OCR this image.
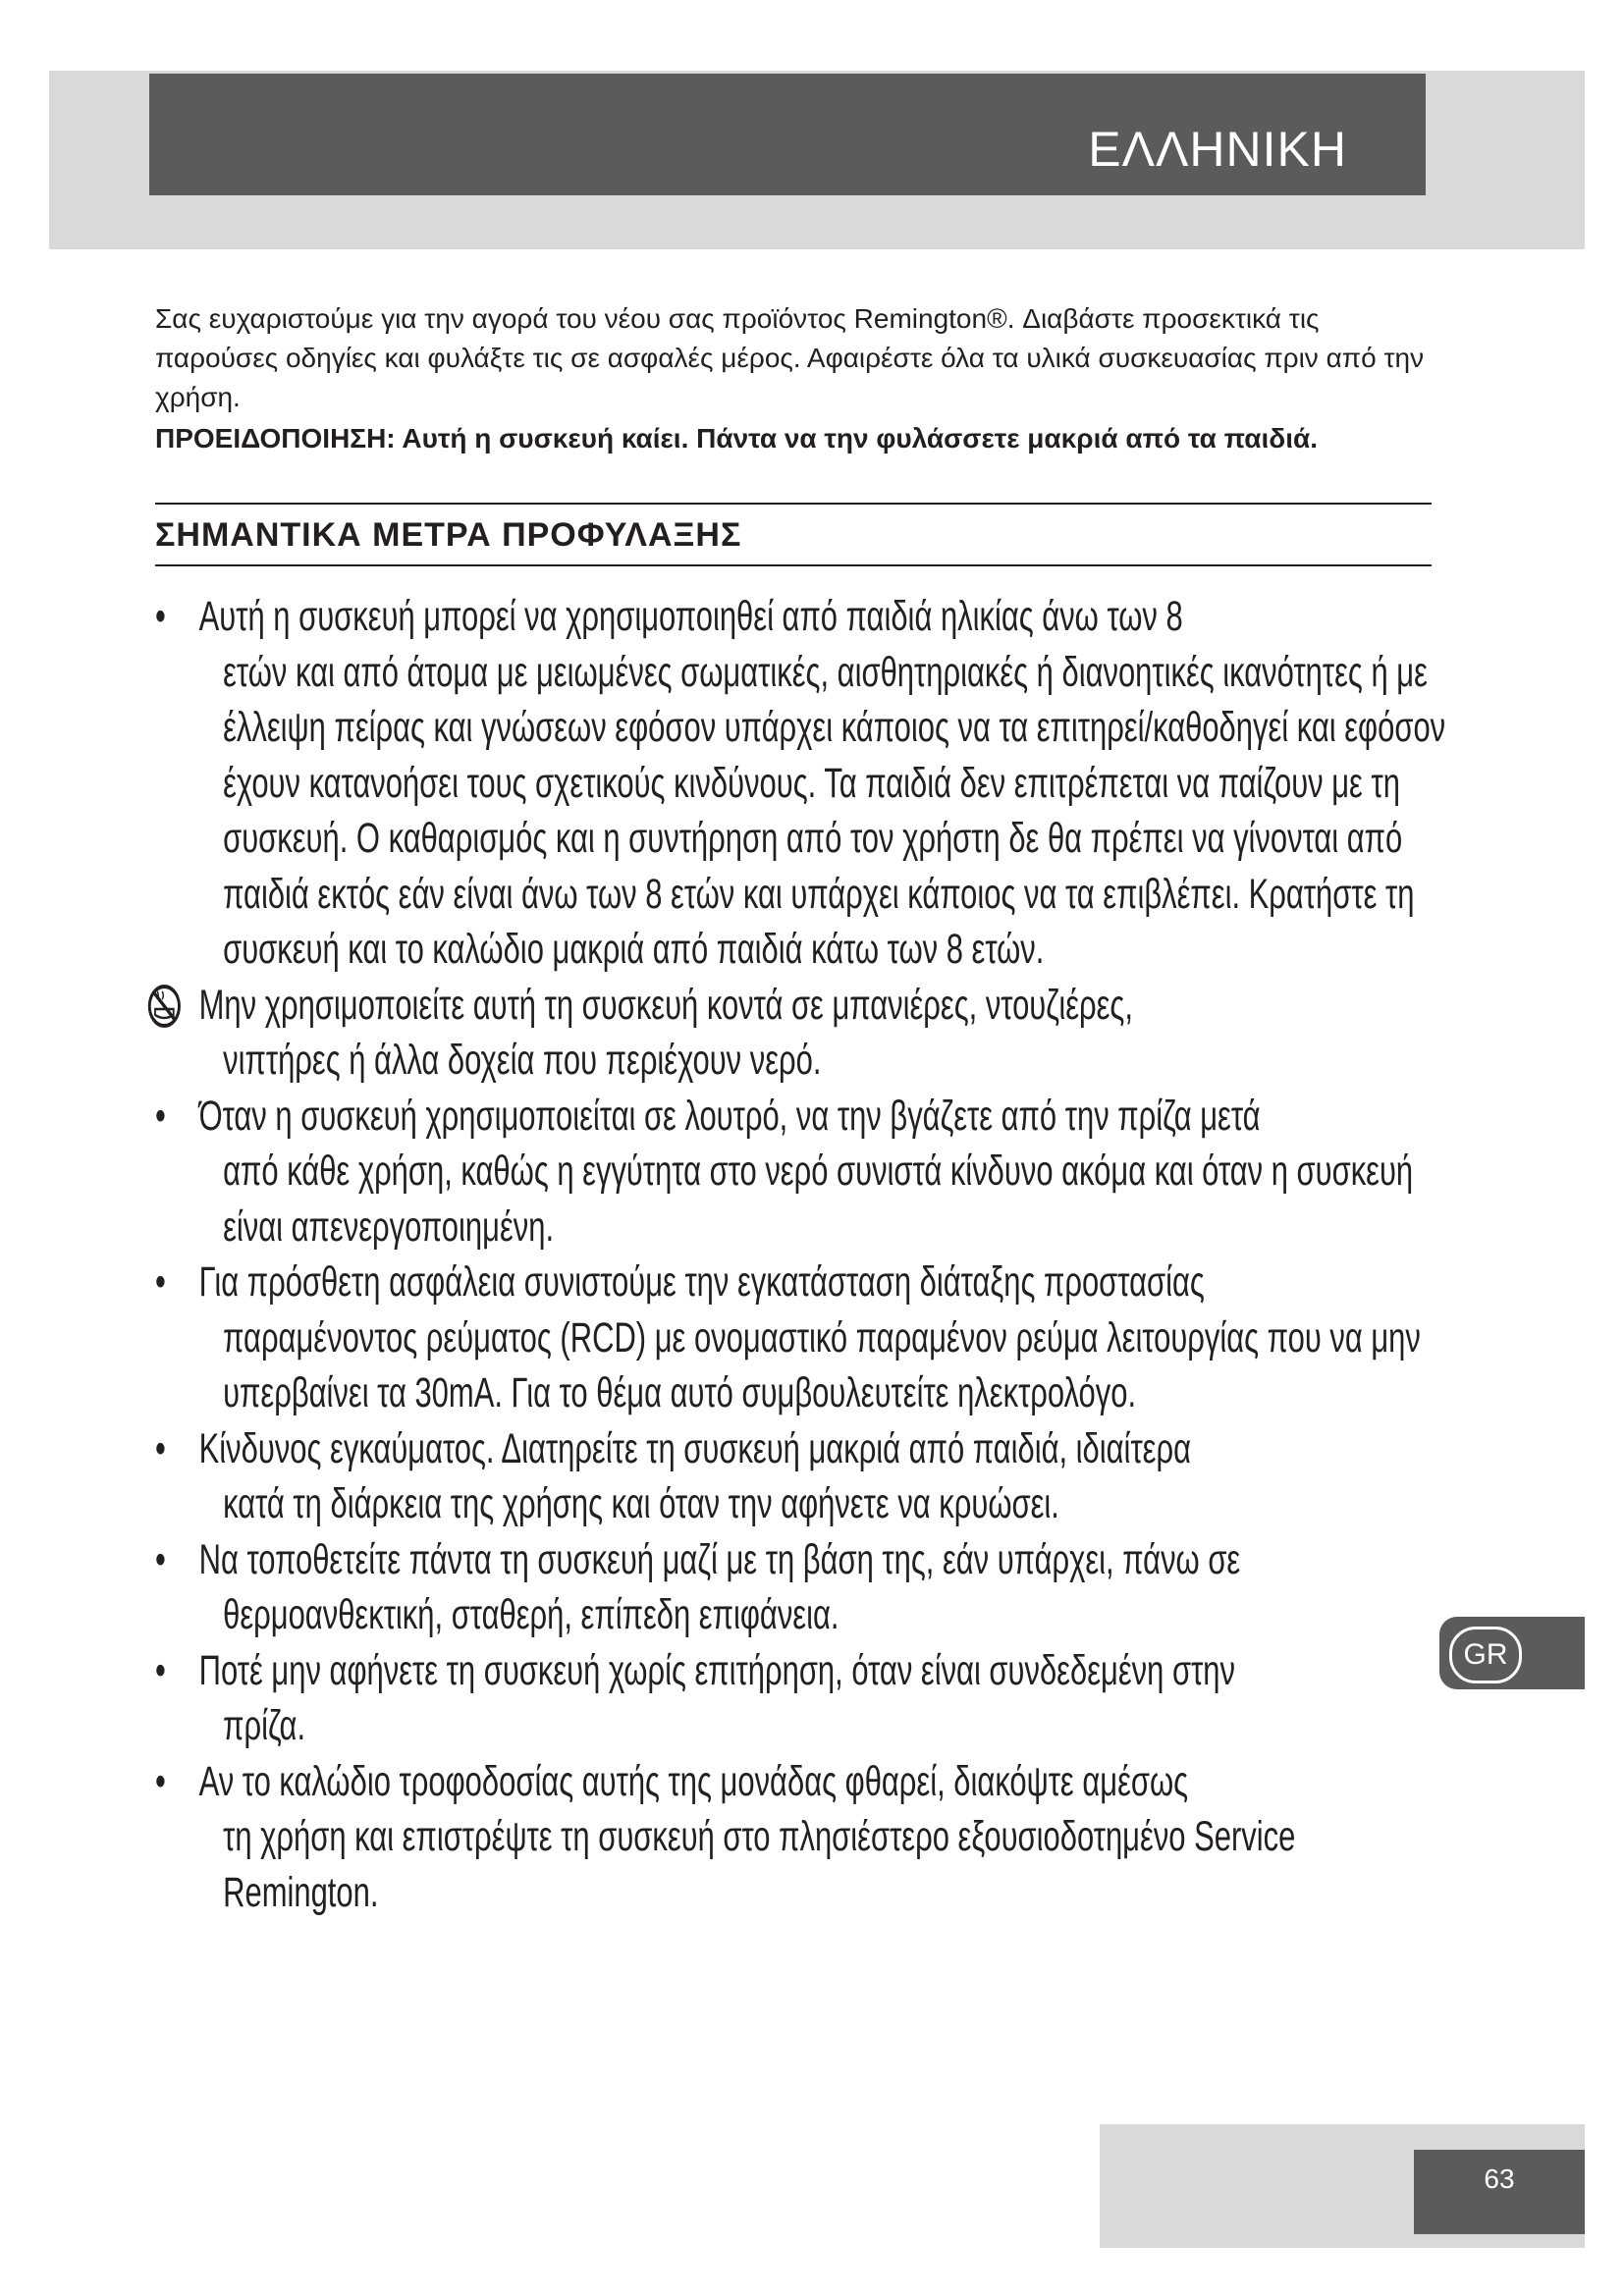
ΕΛΛΗΝΙΚΗ

Σας ευχαριστούμε για την αγορά του νέου σας προϊόντος Remington®. Διαβάστε προσεκτικά τις παρούσες οδηγίες και φυλάξτε τις σε ασφαλές μέρος. Αφαιρέστε όλα τα υλικά συσκευασίας πριν από την χρήση.

ΠΡΟΕΙΔΟΠΟΙΗΣΗ: Αυτή η συσκευή καίει. Πάντα να την φυλάσσετε μακριά από τα παιδιά.

ΣΗΜΑΝΤΙΚΑ ΜΕΤΡΑ ΠΡΟΦΥΛΑΞΗΣ

• Αυτή η συσκευή μπορεί να χρησιμοποιηθεί από παιδιά ηλικίας άνω των 8
ετών και από άτομα με μειωμένες σωματικές, αισθητηριακές ή διανοητικές ικανότητες ή με έλλειψη πείρας και γνώσεων εφόσον υπάρχει κάποιος να τα επιτηρεί/καθοδηγεί και εφόσον έχουν κατανοήσει τους σχετικούς κινδύνους. Τα παιδιά δεν επιτρέπεται να παίζουν με τη συσκευή. Ο καθαρισμός και η συντήρηση από τον χρήστη δε θα πρέπει να γίνονται από παιδιά εκτός εάν είναι άνω των 8 ετών και υπάρχει κάποιος να τα επιβλέπει. Κρατήστε τη συσκευή και το καλώδιο μακριά από παιδιά κάτω των 8 ετών.

Μην χρησιμοποιείτε αυτή τη συσκευή κοντά σε μπανιέρες, ντουζιέρες,
νιπτήρες ή άλλα δοχεία που περιέχουν νερό.

• Όταν η συσκευή χρησιμοποιείται σε λουτρό, να την βγάζετε από την πρίζα μετά
από κάθε χρήση, καθώς η εγγύτητα στο νερό συνιστά κίνδυνο ακόμα και όταν η συσκευή είναι απενεργοποιημένη.

• Για πρόσθετη ασφάλεια συνιστούμε την εγκατάσταση διάταξης προστασίας
παραμένοντος ρεύματος (RCD) με ονομαστικό παραμένον ρεύμα λειτουργίας που να μην υπερβαίνει τα 30mA. Για το θέμα αυτό συμβουλευτείτε ηλεκτρολόγο.

• Κίνδυνος εγκαύματος. Διατηρείτε τη συσκευή μακριά από παιδιά, ιδιαίτερα
κατά τη διάρκεια της χρήσης και όταν την αφήνετε να κρυώσει.

• Να τοποθετείτε πάντα τη συσκευή μαζί με τη βάση της, εάν υπάρχει, πάνω σε
θερμοανθεκτική, σταθερή, επίπεδη επιφάνεια.

• Ποτέ μην αφήνετε τη συσκευή χωρίς επιτήρηση, όταν είναι συνδεδεμένη στην
πρίζα.

• Αν το καλώδιο τροφοδοσίας αυτής της μονάδας φθαρεί, διακόψτε αμέσως
τη χρήση και επιστρέψτε τη συσκευή στο πλησιέστερο εξουσιοδοτημένο Service Remington.

GR
63
